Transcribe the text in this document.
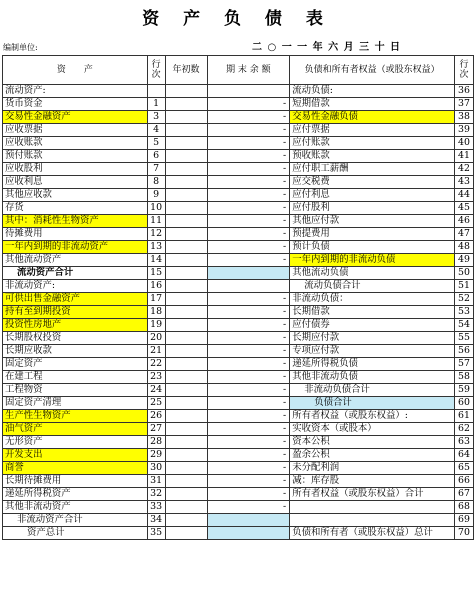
资 产 负 债 表
编制单位:	二 ○ 一 一 年 六 月 三 十 日
资　　产	行次	年初数	期 末 余 额	负债和所有者权益（或股东权益）	行次
流动资产:				流动负债:	36
货币资金	1		-	短期借款	37
交易性金融资产	3		-	交易性金融负债	38
应收票据	4		-	应付票据	39
应收账款	5		-	应付账款	40
预付账款	6		-	预收账款	41
应收股利	7		-	应付职工薪酬	42
应收利息	8		-	应交税费	43
其他应收款	9		-	应付利息	44
存货	10		-	应付股利	45
其中：消耗性生物资产	11		-	其他应付款	46
待摊费用	12		-	预提费用	47
一年内到期的非流动资产	13		-	预计负债	48
其他流动资产	14		-	一年内到期的非流动负债	49
流动资产合计	15			其他流动负债	50
非流动资产:	16			流动负债合计	51
可供出售金融资产	17		-	非流动负债：	52
持有至到期投资	18		-	长期借款	53
投资性房地产	19		-	应付债券	54
长期股权投资	20		-	长期应付款	55
长期应收款	21		-	专项应付款	56
固定资产	22		-	递延所得税负债	57
在建工程	23		-	其他非流动负债	58
工程物资	24		-	非流动负债合计	59
固定资产清理	25		-	负债合计	60
生产性生物资产	26		-	所有者权益（或股东权益）:	61
油气资产	27		-	实收资本（或股本）	62
无形资产	28		-	资本公积	63
开发支出	29		-	盈余公积	64
商誉	30		-	未分配利润	65
长期待摊费用	31		-	减：库存股	66
递延所得税资产	32		-	所有者权益（或股东权益）合计	67
其他非流动资产	33		-		68
非流动资产合计	34				69
资产总计	35			负债和所有者（或股东权益）总计	70
